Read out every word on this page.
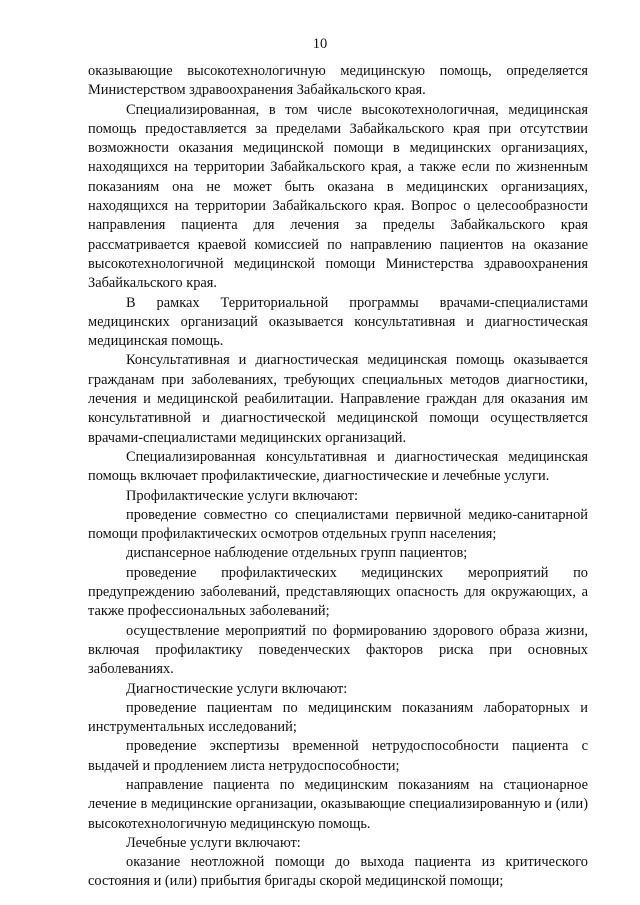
10

оказывающие высокотехнологичную медицинскую помощь, определяется Министерством здравоохранения Забайкальского края.

Специализированная, в том числе высокотехнологичная, медицинская помощь предоставляется за пределами Забайкальского края при отсутствии возможности оказания медицинской помощи в медицинских организациях, находящихся на территории Забайкальского края, а также если по жизненным показаниям она не может быть оказана в медицинских организациях, находящихся на территории Забайкальского края. Вопрос о целесообразности направления пациента для лечения за пределы Забайкальского края рассматривается краевой комиссией по направлению пациентов на оказание высокотехнологичной медицинской помощи Министерства здравоохранения Забайкальского края.

В рамках Территориальной программы врачами-специалистами медицинских организаций оказывается консультативная и диагностическая медицинская помощь.

Консультативная и диагностическая медицинская помощь оказывается гражданам при заболеваниях, требующих специальных методов диагностики, лечения и медицинской реабилитации. Направление граждан для оказания им консультативной и диагностической медицинской помощи осуществляется врачами-специалистами медицинских организаций.

Специализированная консультативная и диагностическая медицинская помощь включает профилактические, диагностические и лечебные услуги.

Профилактические услуги включают:

проведение совместно со специалистами первичной медико-санитарной помощи профилактических осмотров отдельных групп населения;

диспансерное наблюдение отдельных групп пациентов;

проведение профилактических медицинских мероприятий по предупреждению заболеваний, представляющих опасность для окружающих, а также профессиональных заболеваний;

осуществление мероприятий по формированию здорового образа жизни, включая профилактику поведенческих факторов риска при основных заболеваниях.

Диагностические услуги включают:

проведение пациентам по медицинским показаниям лабораторных и инструментальных исследований;

проведение экспертизы временной нетрудоспособности пациента с выдачей и продлением листа нетрудоспособности;

направление пациента по медицинским показаниям на стационарное лечение в медицинские организации, оказывающие специализированную и (или) высокотехнологичную медицинскую помощь.

Лечебные услуги включают:

оказание неотложной помощи до выхода пациента из критического состояния и (или) прибытия бригады скорой медицинской помощи;
